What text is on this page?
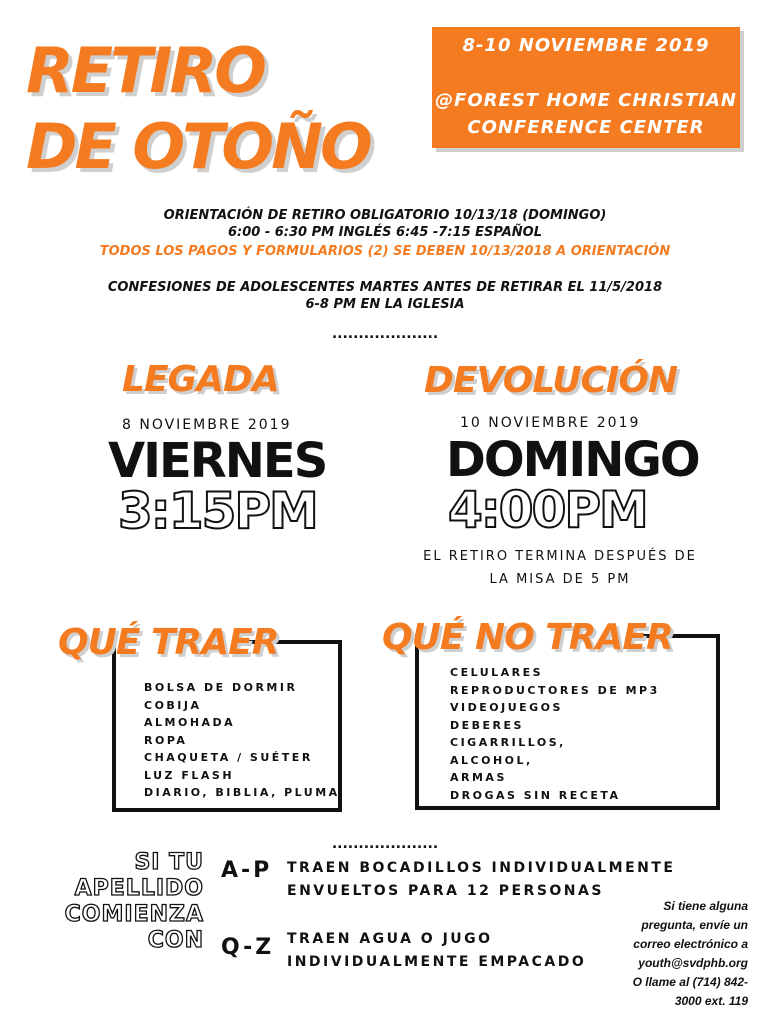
RETIRO
DE OTOÑO
8-10 NOVIEMBRE 2019
@FOREST HOME CHRISTIAN
CONFERENCE CENTER
ORIENTACIÓN DE RETIRO OBLIGATORIO 10/13/18 (DOMINGO)
6:00 - 6:30 PM INGLÉS 6:45 -7:15 ESPAÑOL
TODOS LOS PAGOS Y FORMULARIOS (2) SE DEBEN 10/13/2018 A ORIENTACIÓN
CONFESIONES DE ADOLESCENTES MARTES ANTES DE RETIRAR EL 11/5/2018
6-8 PM EN LA IGLESIA
....................
LEGADA
8 NOVIEMBRE 2019
VIERNES
3:15PM
DEVOLUCIÓN
10 NOVIEMBRE 2019
DOMINGO
4:00PM
EL RETIRO TERMINA DESPUÉS DE
LA MISA DE 5 PM
QUÉ TRAER
BOLSA DE DORMIR
COBIJA
ALMOHADA
ROPA
CHAQUETA / SUÉTER
LUZ FLASH
DIARIO, BIBLIA, PLUMA
QUÉ NO TRAER
CELULARES
REPRODUCTORES DE MP3
VIDEOJUEGOS
DEBERES
CIGARRILLOS,
ALCOHOL,
ARMAS
DROGAS SIN RECETA
....................
SI TU
APELLIDO
COMIENZA
CON
A-P TRAEN BOCADILLOS INDIVIDUALMENTE
ENVUELTOS PARA 12 PERSONAS
Q-Z TRAEN AGUA O JUGO
INDIVIDUALMENTE EMPACADO
Si tiene alguna
pregunta, envíe un
correo electrónico a
youth@svdphb.org
O llame al (714) 842-
3000 ext. 119
